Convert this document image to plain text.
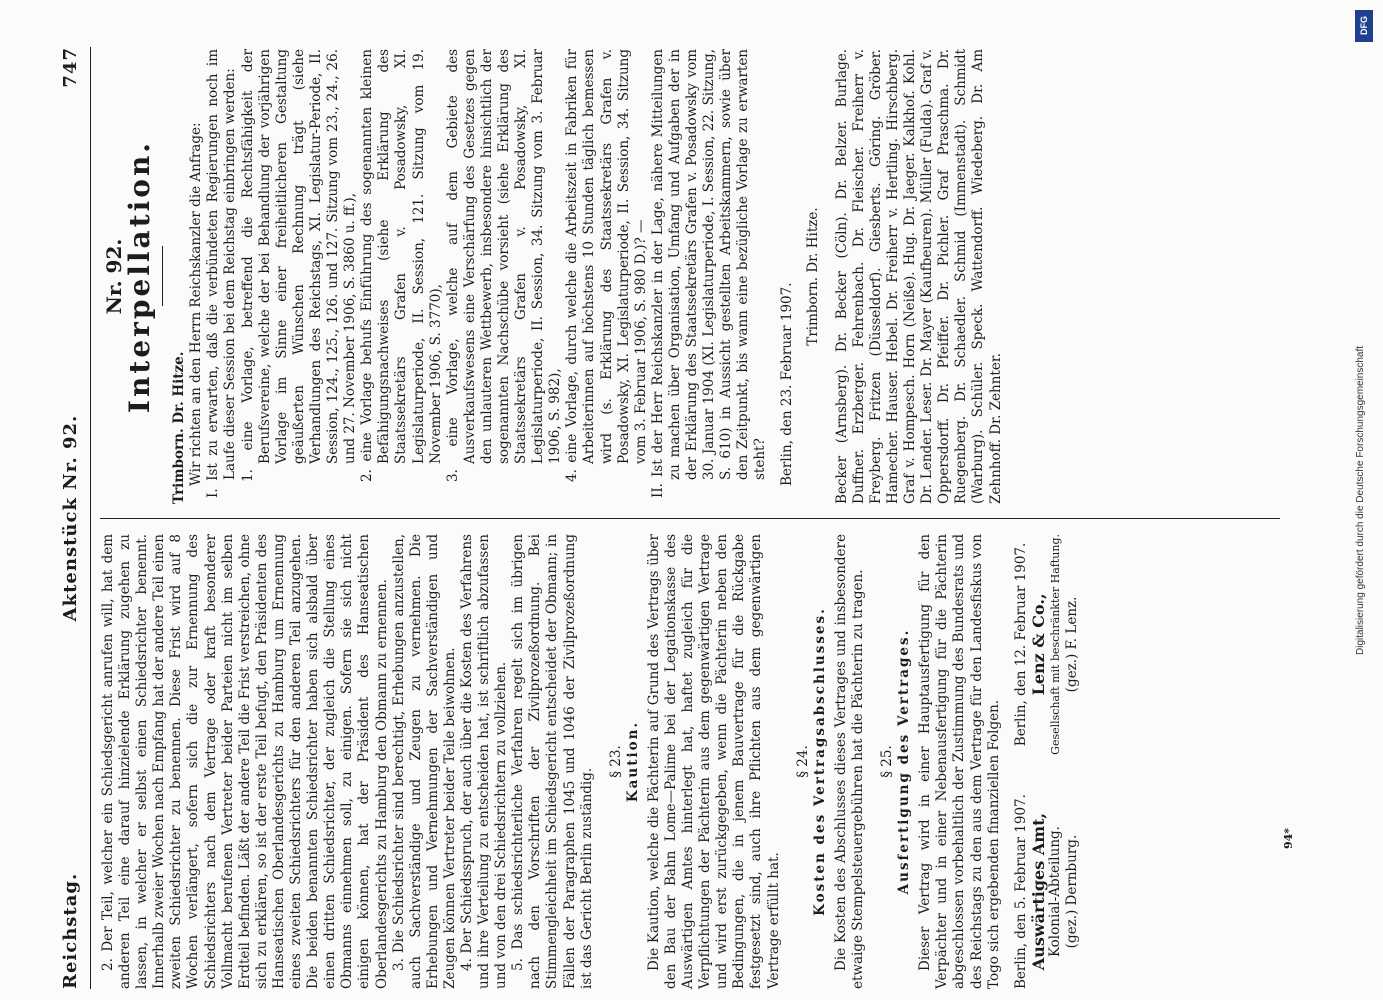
Reichstag.
Aktenstück Nr. 92.
747

2. Der Teil, welcher ein Schiedsgericht anrufen will, hat dem anderen Teil eine darauf hinzielende Erklärung zugehen zu lassen, in welcher er selbst einen Schiedsrichter benennt. Innerhalb zweier Wochen nach Empfang hat der andere Teil einen zweiten Schiedsrichter zu benennen. Diese Frist wird auf 8 Wochen verlängert, sofern sich die zur Ernennung des Schiedsrichters nach dem Vertrage oder kraft besonderer Vollmacht berufenen Vertreter beider Parteien nicht im selben Erdteil befinden. Läßt der andere Teil die Frist verstreichen, ohne sich zu erklären, so ist der erste Teil befugt, den Präsidenten des Hanseatischen Oberlandesgerichts zu Hamburg um Ernennung eines zweiten Schiedsrichters für den anderen Teil anzugehen. Die beiden benannten Schiedsrichter haben sich alsbald über einen dritten Schiedsrichter, der zugleich die Stellung eines Obmanns einnehmen soll, zu einigen. Sofern sie sich nicht einigen können, hat der Präsident des Hanseatischen Oberlandesgerichts zu Hamburg den Obmann zu ernennen. 3. Die Schiedsrichter sind berechtigt, Erhebungen anzustellen, auch Sachverständige und Zeugen zu vernehmen. Die Erhebungen und Vernehmungen der Sachverständigen und Zeugen können Vertreter beider Teile beiwohnen. 4. Der Schiedsspruch, der auch über die Kosten des Verfahrens und ihre Verteilung zu entscheiden hat, ist schriftlich abzufassen und von den drei Schiedsrichtern zu vollziehen. 5. Das schiedsrichterliche Verfahren regelt sich im übrigen nach den Vorschriften der Zivilprozeßordnung. Bei Stimmengleichheit im Schiedsgericht entscheidet der Obmann; in Fällen der Paragraphen 1045 und 1046 der Zivilprozeßordnung ist das Gericht Berlin zuständig.

§ 23. Kaution. Die Kaution, welche die Pächterin auf Grund des Vertrags über den Bau der Bahn Lome—Palime bei der Legationskasse des Auswärtigen Amtes hinterlegt hat, haftet zugleich für die Verpflichtungen der Pächterin aus dem gegenwärtigen Vertrage und wird erst zurückgegeben, wenn die Pächterin neben den Bedingungen, die in jenem Bauvertrage für die Rückgabe festgesetzt sind, auch ihre Pflichten aus dem gegenwärtigen Vertrage erfüllt hat.

§ 24. Kosten des Vertragsabschlusses. Die Kosten des Abschlusses dieses Vertrages und insbesondere etwaige Stempelsteuergebühren hat die Pächterin zu tragen. § 25. Ausfertigung des Vertrages. Dieser Vertrag wird in einer Hauptausfertigung für den Verpächter und in einer Nebenausfertigung für die Pächterin abgeschlossen vorbehaltlich der Zustimmung des Bundesrats und des Reichstags zu den aus dem Vertrage für den Landesfiskus von Togo sich ergebenden finanziellen Folgen. Berlin, den 5. Februar 1907. Auswärtiges Amt, Kolonial-Abteilung. (gez.) Dernburg.
Berlin, den 12. Februar 1907. Lenz & Co., Gesellschaft mit beschränkter Haftung. (gez.) F. Lenz.
Nr. 92.
Interpellation.

Trimborn. Dr. Hitze. Wir richten an den Herrn Reichskanzler die Anfrage: I. Ist zu erwarten, daß die verbündeten Regierungen noch im Laufe dieser Session bei dem Reichstag einbringen werden: 1. eine Vorlage, betreffend die Rechtsfähigkeit der Berufsvereine, welche der bei Behandlung der vorjährigen Vorlage im Sinne einer freiheitlicheren Gestaltung geäußerten Wünschen Rechnung trägt (siehe Verhandlungen des Reichstags, XI. Legislatur-Periode, II. Session, 124., 125., 126. und 127. Sitzung vom 23., 24., 26. und 27. November 1906, S. 3860 u. ff.), 2. eine Vorlage behufs Einführung des sogenannten kleinen Befähigungsnachweises (siehe Erklärung des Staatssekretärs Grafen v. Posadowsky, XI. Legislaturperiode, II. Session, 121. Sitzung vom 19. November 1906, S. 3770), 3. eine Vorlage, welche auf dem Gebiete des Ausverkaufswesens eine Verschärfung des Gesetzes gegen den unlauteren Wettbewerb, insbesondere hinsichtlich der sogenannten Nachschübe vorsieht (siehe Erklärung des Staatssekretärs Grafen v. Posadowsky, XI. Legislaturperiode, II. Session, 34. Sitzung vom 3. Februar 1906, S. 982), 4. eine Vorlage, durch welche die Arbeitszeit in Fabriken für Arbeiterinnen auf höchstens 10 Stunden täglich bemessen wird (s. Erklärung des Staatssekretärs Grafen v. Posadowsky, XI. Legislaturperiode, II. Session, 34. Sitzung vom 3. Februar 1906, S. 980 D.)? — II. Ist der Herr Reichskanzler in der Lage, nähere Mitteilungen zu machen über Organisation, Umfang und Aufgaben der in der Erklärung des Staatssekretärs Grafen v. Posadowsky vom 30. Januar 1904 (XI. Legislaturperiode, I. Session, 22. Sitzung, S. 610) in Aussicht gestellten Arbeitskammern, sowie über den Zeitpunkt, bis wann eine bezügliche Vorlage zu erwarten steht? Berlin, den 23. Februar 1907.

Trimborn. Dr. Hitze. Becker (Arnsberg). Dr. Becker (Cöln). Dr. Belzer. Burlage. Duffner. Erzberger. Fehrenbach. Dr. Fleischer. Freiherr v. Freyberg. Fritzen (Düsseldorf). Giesberts. Göring. Gröber. Hamecher. Hauser. Hebel. Dr. Freiherr v. Hertling. Hirschberg. Graf v. Hompesch. Horn (Neiße). Hug. Dr. Jaeger. Kalkhof. Kohl. Dr. Lender. Leser. Dr. Mayer (Kaufbeuren). Müller (Fulda). Graf v. Oppersdorff. Dr. Pfeiffer. Dr. Pichler. Graf Praschma. Dr. Ruegenberg. Dr. Schaedler. Schmid (Immenstadt). Schmidt (Warburg). Schüler. Speck. Wattendorff. Wiedeberg. Dr. Am Zehnhoff. Dr. Zehnter.

DFG
Digitalisierung gefördert durch die Deutsche Forschungsgemeinschaft
94*
